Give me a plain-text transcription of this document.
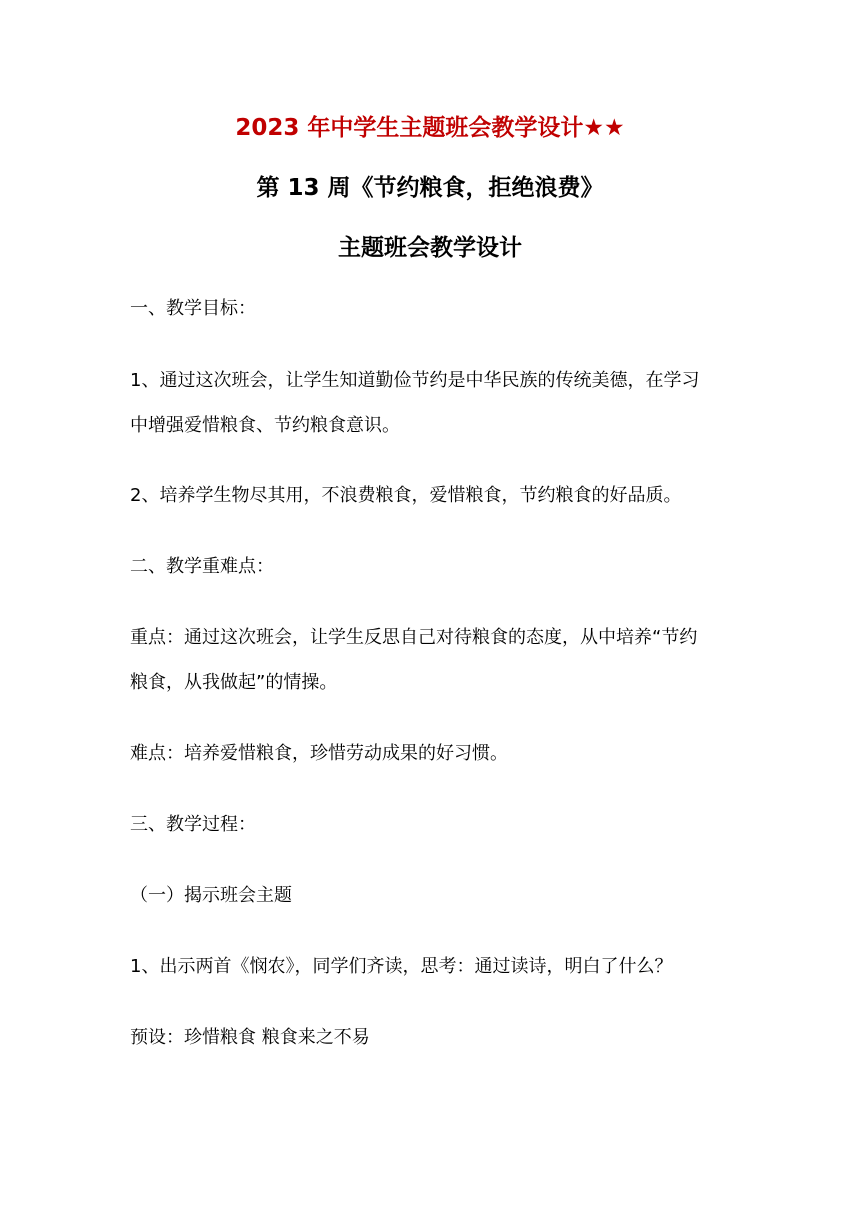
2023 年中学生主题班会教学设计★★
第 13 周《节约粮食，拒绝浪费》
主题班会教学设计
一、教学目标：
1、通过这次班会，让学生知道勤俭节约是中华民族的传统美德，在学习
中增强爱惜粮食、节约粮食意识。
2、培养学生物尽其用，不浪费粮食，爱惜粮食，节约粮食的好品质。
二、教学重难点：
重点：通过这次班会，让学生反思自己对待粮食的态度，从中培养“节约
粮食，从我做起”的情操。
难点：培养爱惜粮食，珍惜劳动成果的好习惯。
三、教学过程：
（一）揭示班会主题
1、出示两首《悯农》，同学们齐读，思考：通过读诗，明白了什么？
预设：珍惜粮食 粮食来之不易
